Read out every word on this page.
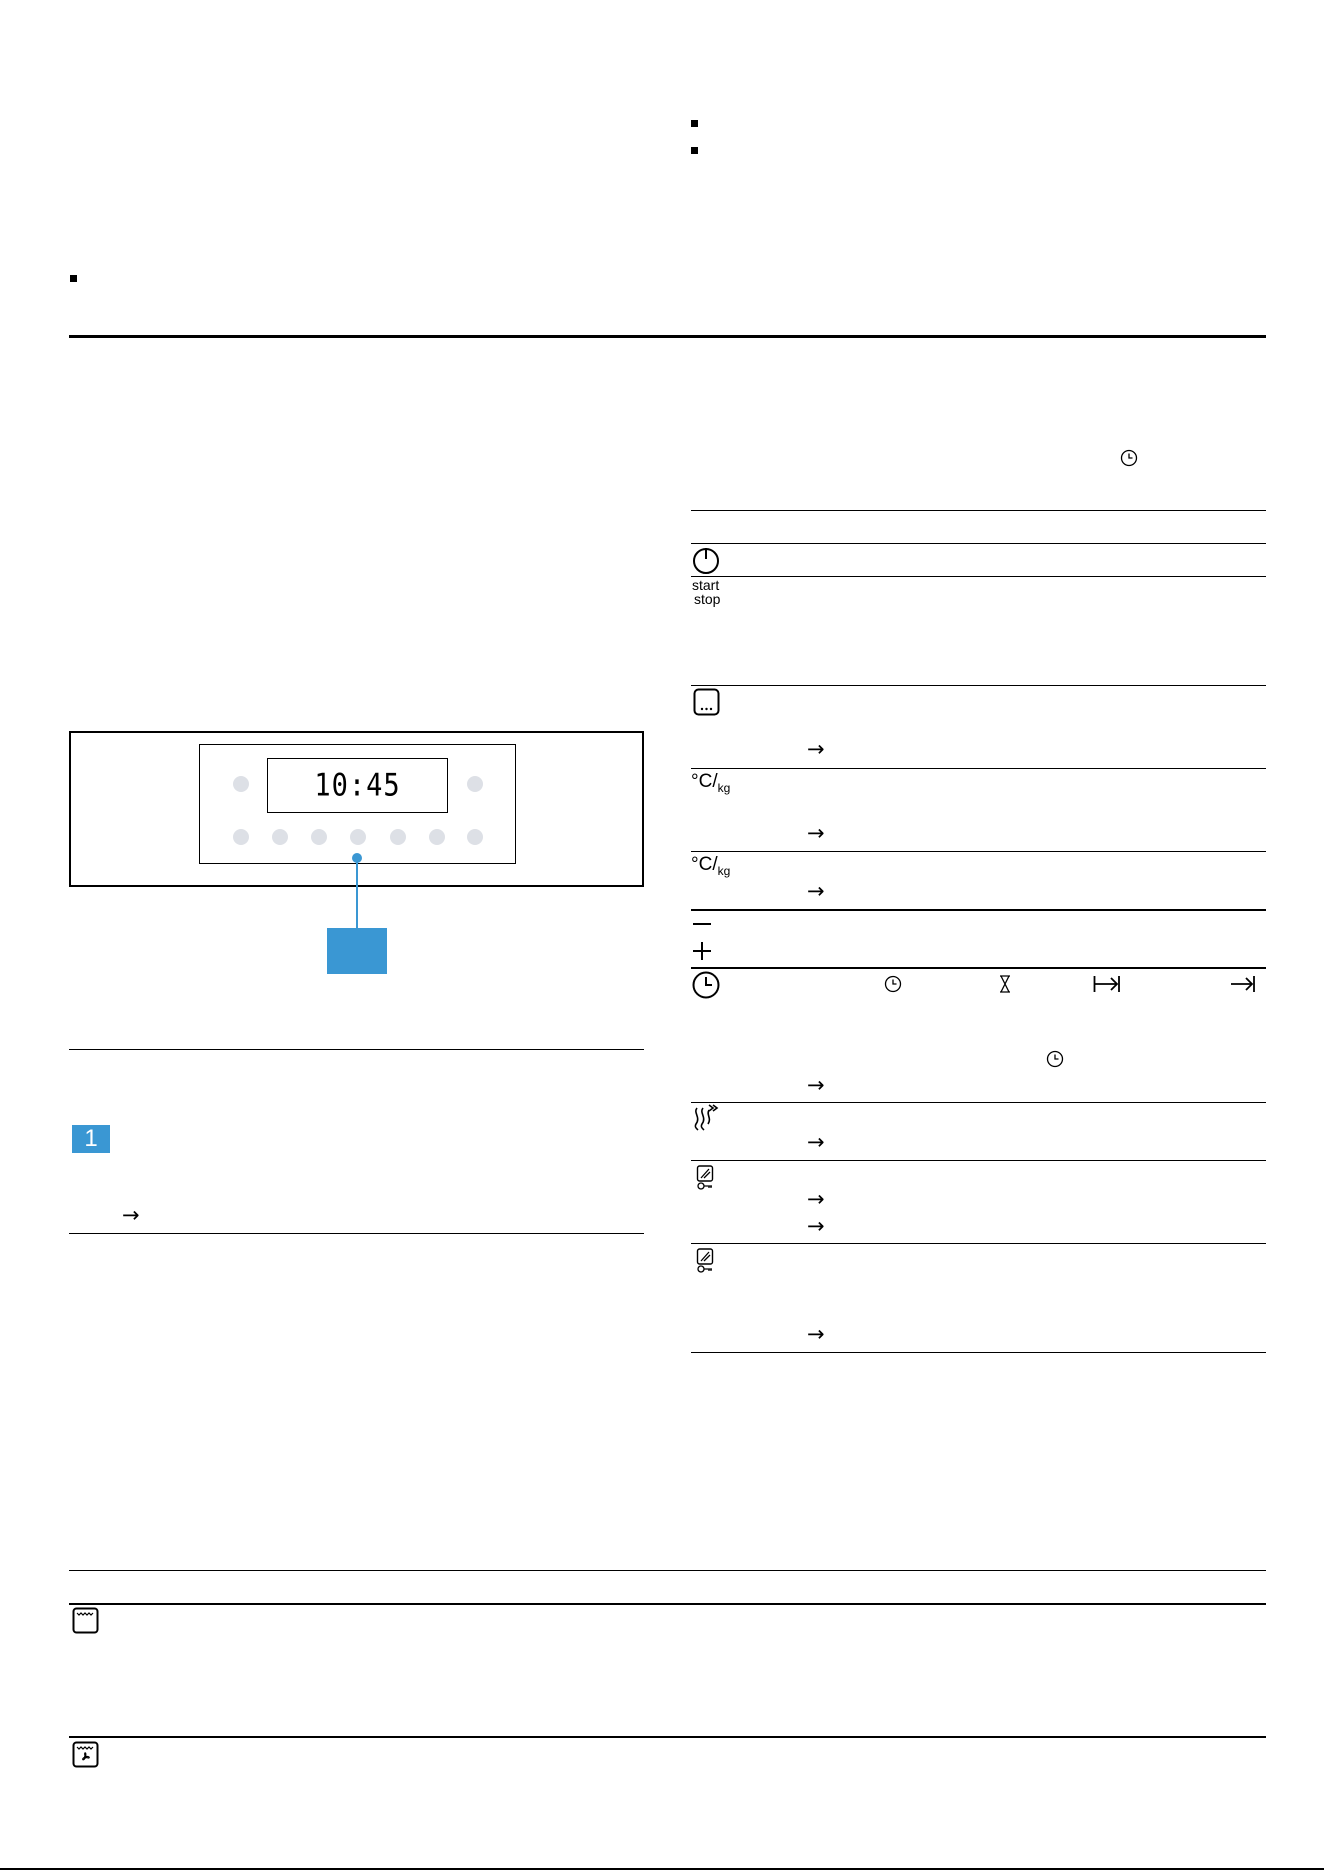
10:45
1
→
start
stop
→
$^\circ C/_{kg}$
→
$^\circ C/_{kg}$
→
→
→
→
→
→
